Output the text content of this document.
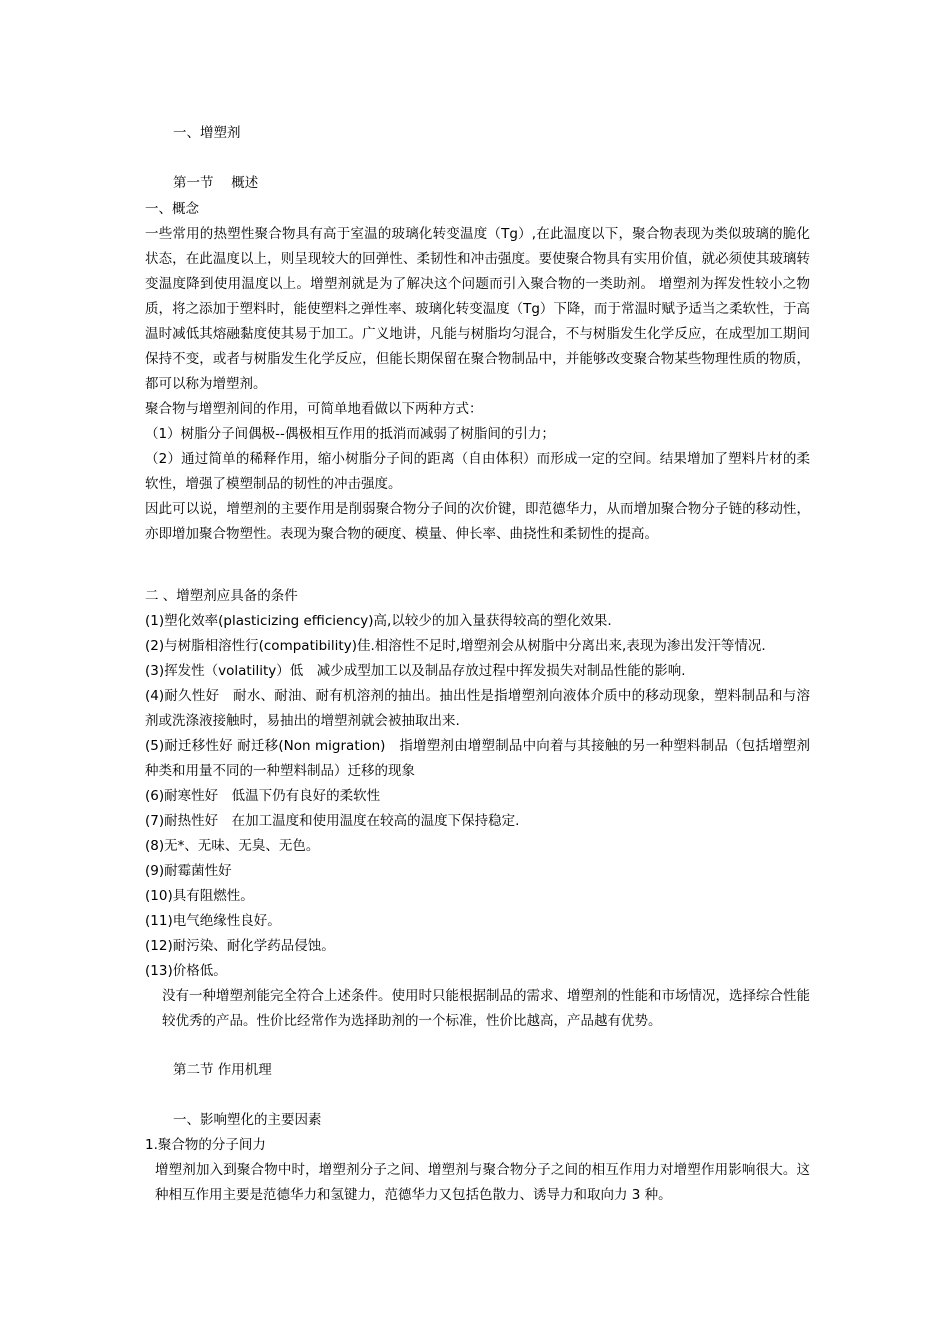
一、增塑剂

第一节　 概述

一、概念

一些常用的热塑性聚合物具有高于室温的玻璃化转变温度（Tg）,在此温度以下，聚合物表现为类似玻璃的脆化状态，在此温度以上，则呈现较大的回弹性、柔韧性和冲击强度。要使聚合物具有实用价值，就必须使其玻璃转变温度降到使用温度以上。增塑剂就是为了解决这个问题而引入聚合物的一类助剂。 增塑剂为挥发性较小之物质，将之添加于塑料时，能使塑料之弹性率、玻璃化转变温度（Tg）下降，而于常温时赋予适当之柔软性，于高温时减低其熔融黏度使其易于加工。广义地讲，凡能与树脂均匀混合，不与树脂发生化学反应，在成型加工期间保持不变，或者与树脂发生化学反应，但能长期保留在聚合物制品中，并能够改变聚合物某些物理性质的物质，都可以称为增塑剂。

聚合物与增塑剂间的作用，可简单地看做以下两种方式：

（1）树脂分子间偶极--偶极相互作用的抵消而减弱了树脂间的引力；

（2）通过简单的稀释作用，缩小树脂分子间的距离（自由体积）而形成一定的空间。结果增加了塑料片材的柔软性，增强了模塑制品的韧性的冲击强度。

因此可以说，增塑剂的主要作用是削弱聚合物分子间的次价键，即范德华力，从而增加聚合物分子链的移动性，亦即增加聚合物塑性。表现为聚合物的硬度、模量、伸长率、曲挠性和柔韧性的提高。

二 、增塑剂应具备的条件

(1)塑化效率(plasticizing efficiency)高,以较少的加入量获得较高的塑化效果.

(2)与树脂相溶性行(compatibility)佳.相溶性不足时,增塑剂会从树脂中分离出来,表现为渗出发汗等情况.

(3)挥发性（volatility）低　减少成型加工以及制品存放过程中挥发损失对制品性能的影响.

(4)耐久性好　耐水、耐油、耐有机溶剂的抽出。抽出性是指增塑剂向液体介质中的移动现象，塑料制品和与溶剂或洗涤液接触时，易抽出的增塑剂就会被抽取出来.

(5)耐迁移性好 耐迁移(Non migration)　指增塑剂由增塑制品中向着与其接触的另一种塑料制品（包括增塑剂种类和用量不同的一种塑料制品）迁移的现象

(6)耐寒性好　低温下仍有良好的柔软性

(7)耐热性好　在加工温度和使用温度在较高的温度下保持稳定.

(8)无*、无味、无臭、无色。

(9)耐霉菌性好

(10)具有阻燃性。

(11)电气绝缘性良好。

(12)耐污染、耐化学药品侵蚀。

(13)价格低。

没有一种增塑剂能完全符合上述条件。使用时只能根据制品的需求、增塑剂的性能和市场情况，选择综合性能较优秀的产品。性价比经常作为选择助剂的一个标准，性价比越高，产品越有优势。

第二节 作用机理

一、影响塑化的主要因素

1.聚合物的分子间力

增塑剂加入到聚合物中时，增塑剂分子之间、增塑剂与聚合物分子之间的相互作用力对增塑作用影响很大。这种相互作用主要是范德华力和氢键力，范德华力又包括色散力、诱导力和取向力 3 种。
